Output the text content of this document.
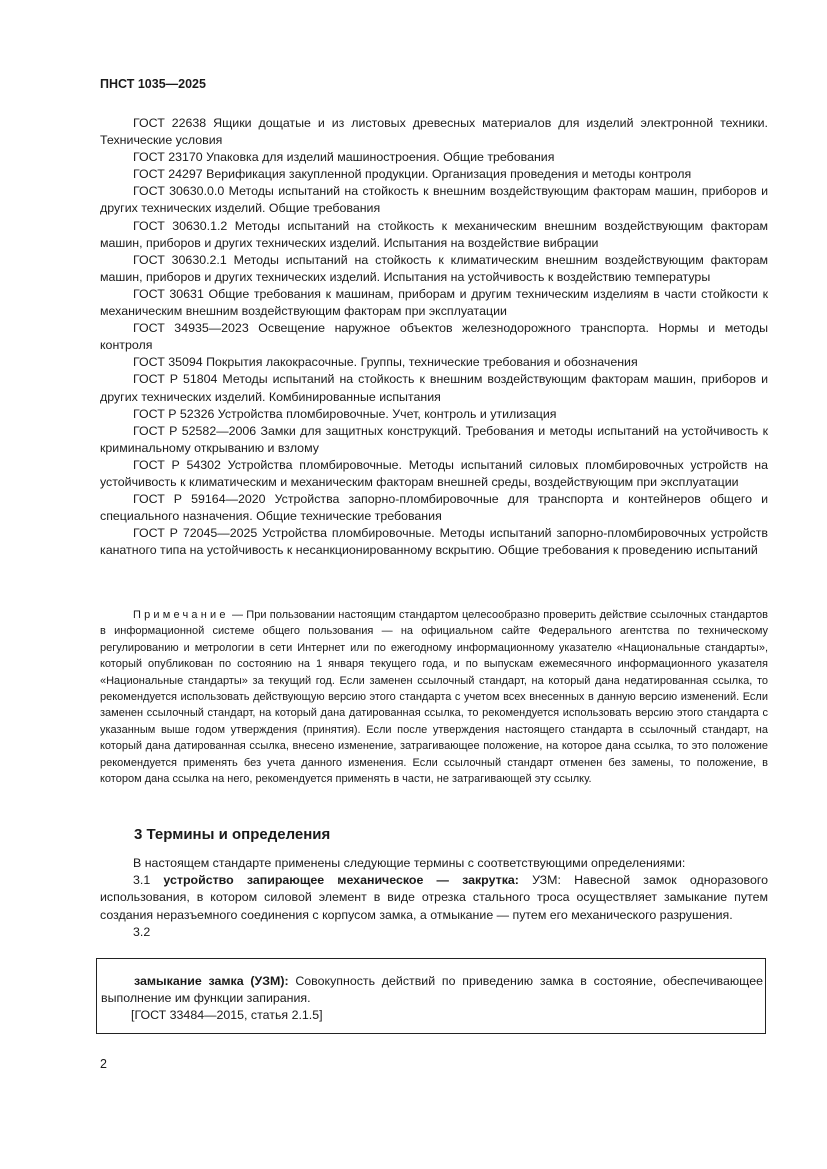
ПНСТ 1035—2025

ГОСТ 22638 Ящики дощатые и из листовых древесных материалов для изделий электронной техники. Технические условия

ГОСТ 23170 Упаковка для изделий машиностроения. Общие требования

ГОСТ 24297 Верификация закупленной продукции. Организация проведения и методы контроля

ГОСТ 30630.0.0 Методы испытаний на стойкость к внешним воздействующим факторам машин, приборов и других технических изделий. Общие требования

ГОСТ 30630.1.2 Методы испытаний на стойкость к механическим внешним воздействующим факторам машин, приборов и других технических изделий. Испытания на воздействие вибрации

ГОСТ 30630.2.1 Методы испытаний на стойкость к климатическим внешним воздействующим факторам машин, приборов и других технических изделий. Испытания на устойчивость к воздействию температуры

ГОСТ 30631 Общие требования к машинам, приборам и другим техническим изделиям в части стойкости к механическим внешним воздействующим факторам при эксплуатации

ГОСТ 34935—2023 Освещение наружное объектов железнодорожного транспорта. Нормы и методы контроля

ГОСТ 35094 Покрытия лакокрасочные. Группы, технические требования и обозначения

ГОСТ Р 51804 Методы испытаний на стойкость к внешним воздействующим факторам машин, приборов и других технических изделий. Комбинированные испытания

ГОСТ Р 52326 Устройства пломбировочные. Учет, контроль и утилизация

ГОСТ Р 52582—2006 Замки для защитных конструкций. Требования и методы испытаний на устойчивость к криминальному открыванию и взлому

ГОСТ Р 54302 Устройства пломбировочные. Методы испытаний силовых пломбировочных устройств на устойчивость к климатическим и механическим факторам внешней среды, воздействующим при эксплуатации

ГОСТ Р 59164—2020 Устройства запорно-пломбировочные для транспорта и контейнеров общего и специального назначения. Общие технические требования

ГОСТ Р 72045—2025 Устройства пломбировочные. Методы испытаний запорно-пломбировочных устройств канатного типа на устойчивость к несанкционированному вскрытию. Общие требования к проведению испытаний

Примечание — При пользовании настоящим стандартом целесообразно проверить действие ссылочных стандартов в информационной системе общего пользования — на официальном сайте Федерального агентства по техническому регулированию и метрологии в сети Интернет или по ежегодному информационному указателю «Национальные стандарты», который опубликован по состоянию на 1 января текущего года, и по выпускам ежемесячного информационного указателя «Национальные стандарты» за текущий год. Если заменен ссылочный стандарт, на который дана недатированная ссылка, то рекомендуется использовать действующую версию этого стандарта с учетом всех внесенных в данную версию изменений. Если заменен ссылочный стандарт, на который дана датированная ссылка, то рекомендуется использовать версию этого стандарта с указанным выше годом утверждения (принятия). Если после утверждения настоящего стандарта в ссылочный стандарт, на который дана датированная ссылка, внесено изменение, затрагивающее положение, на которое дана ссылка, то это положение рекомендуется применять без учета данного изменения. Если ссылочный стандарт отменен без замены, то положение, в котором дана ссылка на него, рекомендуется применять в части, не затрагивающей эту ссылку.

3 Термины и определения

В настоящем стандарте применены следующие термины с соответствующими определениями:

3.1 устройство запирающее механическое — закрутка: УЗМ: Навесной замок одноразового использования, в котором силовой элемент в виде отрезка стального троса осуществляет замыкание путем создания неразъемного соединения с корпусом замка, а отмыкание — путем его механического разрушения.

3.2

замыкание замка (УЗМ): Совокупность действий по приведению замка в состояние, обеспечивающее выполнение им функции запирания.

[ГОСТ 33484—2015, статья 2.1.5]

2
